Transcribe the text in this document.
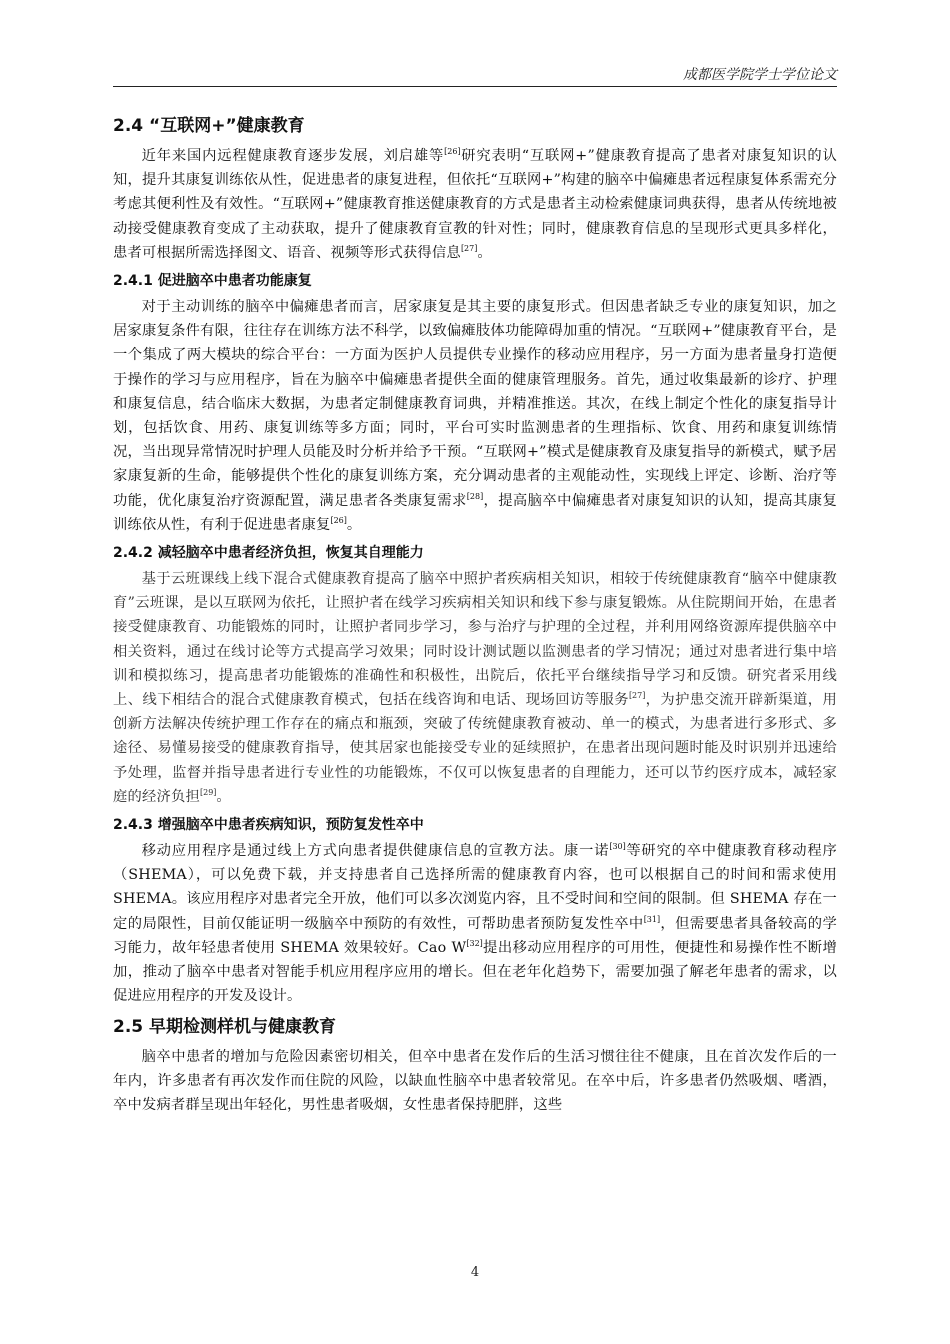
成都医学院学士学位论文
2.4 “互联网+”健康教育

近年来国内远程健康教育逐步发展，刘启雄等[26]研究表明“互联网+”健康教育提高了患者对康复知识的认知，提升其康复训练依从性，促进患者的康复进程，但依托“互联网+”构建的脑卒中偏瘫患者远程康复体系需充分考虑其便利性及有效性。“互联网+”健康教育推送健康教育的方式是患者主动检索健康词典获得，患者从传统地被动接受健康教育变成了主动获取，提升了健康教育宣教的针对性；同时，健康教育信息的呈现形式更具多样化，患者可根据所需选择图文、语音、视频等形式获得信息[27]。

2.4.1 促进脑卒中患者功能康复

对于主动训练的脑卒中偏瘫患者而言，居家康复是其主要的康复形式。但因患者缺乏专业的康复知识，加之居家康复条件有限，往往存在训练方法不科学，以致偏瘫肢体功能障碍加重的情况。“互联网+”健康教育平台，是一个集成了两大模块的综合平台：一方面为医护人员提供专业操作的移动应用程序，另一方面为患者量身打造便于操作的学习与应用程序，旨在为脑卒中偏瘫患者提供全面的健康管理服务。首先，通过收集最新的诊疗、护理和康复信息，结合临床大数据，为患者定制健康教育词典，并精准推送。其次，在线上制定个性化的康复指导计划，包括饮食、用药、康复训练等多方面；同时，平台可实时监测患者的生理指标、饮食、用药和康复训练情况，当出现异常情况时护理人员能及时分析并给予干预。“互联网+”模式是健康教育及康复指导的新模式，赋予居家康复新的生命，能够提供个性化的康复训练方案，充分调动患者的主观能动性，实现线上评定、诊断、治疗等功能，优化康复治疗资源配置，满足患者各类康复需求[28]，提高脑卒中偏瘫患者对康复知识的认知，提高其康复训练依从性，有利于促进患者康复[26]。

2.4.2 减轻脑卒中患者经济负担，恢复其自理能力

基于云班课线上线下混合式健康教育提高了脑卒中照护者疾病相关知识，相较于传统健康教育“脑卒中健康教育”云班课，是以互联网为依托，让照护者在线学习疾病相关知识和线下参与康复锻炼。从住院期间开始，在患者接受健康教育、功能锻炼的同时，让照护者同步学习，参与治疗与护理的全过程，并利用网络资源库提供脑卒中相关资料，通过在线讨论等方式提高学习效果；同时设计测试题以监测患者的学习情况；通过对患者进行集中培训和模拟练习，提高患者功能锻炼的准确性和积极性，出院后，依托平台继续指导学习和反馈。研究者采用线上、线下相结合的混合式健康教育模式，包括在线咨询和电话、现场回访等服务[27]，为护患交流开辟新渠道，用创新方法解决传统护理工作存在的痛点和瓶颈，突破了传统健康教育被动、单一的模式，为患者进行多形式、多途径、易懂易接受的健康教育指导，使其居家也能接受专业的延续照护，在患者出现问题时能及时识别并迅速给予处理，监督并指导患者进行专业性的功能锻炼，不仅可以恢复患者的自理能力，还可以节约医疗成本，减轻家庭的经济负担[29]。

2.4.3 增强脑卒中患者疾病知识，预防复发性卒中

移动应用程序是通过线上方式向患者提供健康信息的宣教方法。康一诺[30]等研究的卒中健康教育移动程序（SHEMA），可以免费下载，并支持患者自己选择所需的健康教育内容，也可以根据自己的时间和需求使用 SHEMA。该应用程序对患者完全开放，他们可以多次浏览内容，且不受时间和空间的限制。但 SHEMA 存在一定的局限性，目前仅能证明一级脑卒中预防的有效性，可帮助患者预防复发性卒中[31]，但需要患者具备较高的学习能力，故年轻患者使用 SHEMA 效果较好。Cao W[32]提出移动应用程序的可用性，便捷性和易操作性不断增加，推动了脑卒中患者对智能手机应用程序应用的增长。但在老年化趋势下，需要加强了解老年患者的需求，以促进应用程序的开发及设计。

2.5 早期检测样机与健康教育

脑卒中患者的增加与危险因素密切相关，但卒中患者在发作后的生活习惯往往不健康，且在首次发作后的一年内，许多患者有再次发作而住院的风险，以缺血性脑卒中患者较常见。在卒中后，许多患者仍然吸烟、嗜酒，卒中发病者群呈现出年轻化，男性患者吸烟，女性患者保持肥胖，这些

4
